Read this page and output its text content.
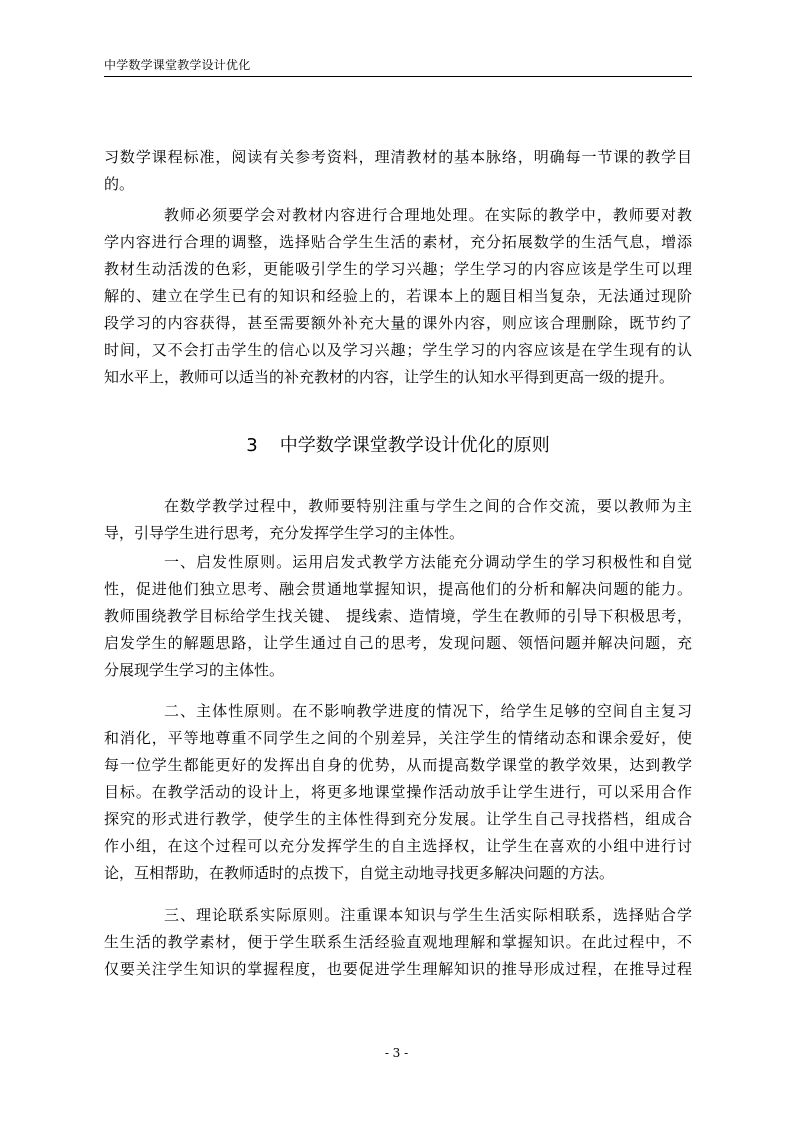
中学数学课堂教学设计优化
习数学课程标准，阅读有关参考资料，理清教材的基本脉络，明确每一节课的教学目
的。
教师必须要学会对教材内容进行合理地处理。在实际的教学中，教师要对教
学内容进行合理的调整，选择贴合学生生活的素材，充分拓展数学的生活气息，增添
教材生动活泼的色彩，更能吸引学生的学习兴趣；学生学习的内容应该是学生可以理
解的、建立在学生已有的知识和经验上的，若课本上的题目相当复杂，无法通过现阶
段学习的内容获得，甚至需要额外补充大量的课外内容，则应该合理删除，既节约了
时间，又不会打击学生的信心以及学习兴趣；学生学习的内容应该是在学生现有的认
知水平上，教师可以适当的补充教材的内容，让学生的认知水平得到更高一级的提升。
3 中学数学课堂教学设计优化的原则
在数学教学过程中，教师要特别注重与学生之间的合作交流，要以教师为主
导，引导学生进行思考，充分发挥学生学习的主体性。
一、启发性原则。运用启发式教学方法能充分调动学生的学习积极性和自觉
性，促进他们独立思考、融会贯通地掌握知识，提高他们的分析和解决问题的能力。
教师围绕教学目标给学生找关键、 提线索、造情境，学生在教师的引导下积极思考，
启发学生的解题思路，让学生通过自己的思考，发现问题、领悟问题并解决问题，充
分展现学生学习的主体性。
二、主体性原则。在不影响教学进度的情况下，给学生足够的空间自主复习
和消化，平等地尊重不同学生之间的个别差异，关注学生的情绪动态和课余爱好，使
每一位学生都能更好的发挥出自身的优势，从而提高数学课堂的教学效果，达到教学
目标。在教学活动的设计上，将更多地课堂操作活动放手让学生进行，可以采用合作
探究的形式进行教学，使学生的主体性得到充分发展。让学生自己寻找搭档，组成合
作小组，在这个过程可以充分发挥学生的自主选择权，让学生在喜欢的小组中进行讨
论，互相帮助，在教师适时的点拨下，自觉主动地寻找更多解决问题的方法。
三、理论联系实际原则。注重课本知识与学生生活实际相联系，选择贴合学
生生活的教学素材，便于学生联系生活经验直观地理解和掌握知识。在此过程中，不
仅要关注学生知识的掌握程度，也要促进学生理解知识的推导形成过程，在推导过程
- 3 -
